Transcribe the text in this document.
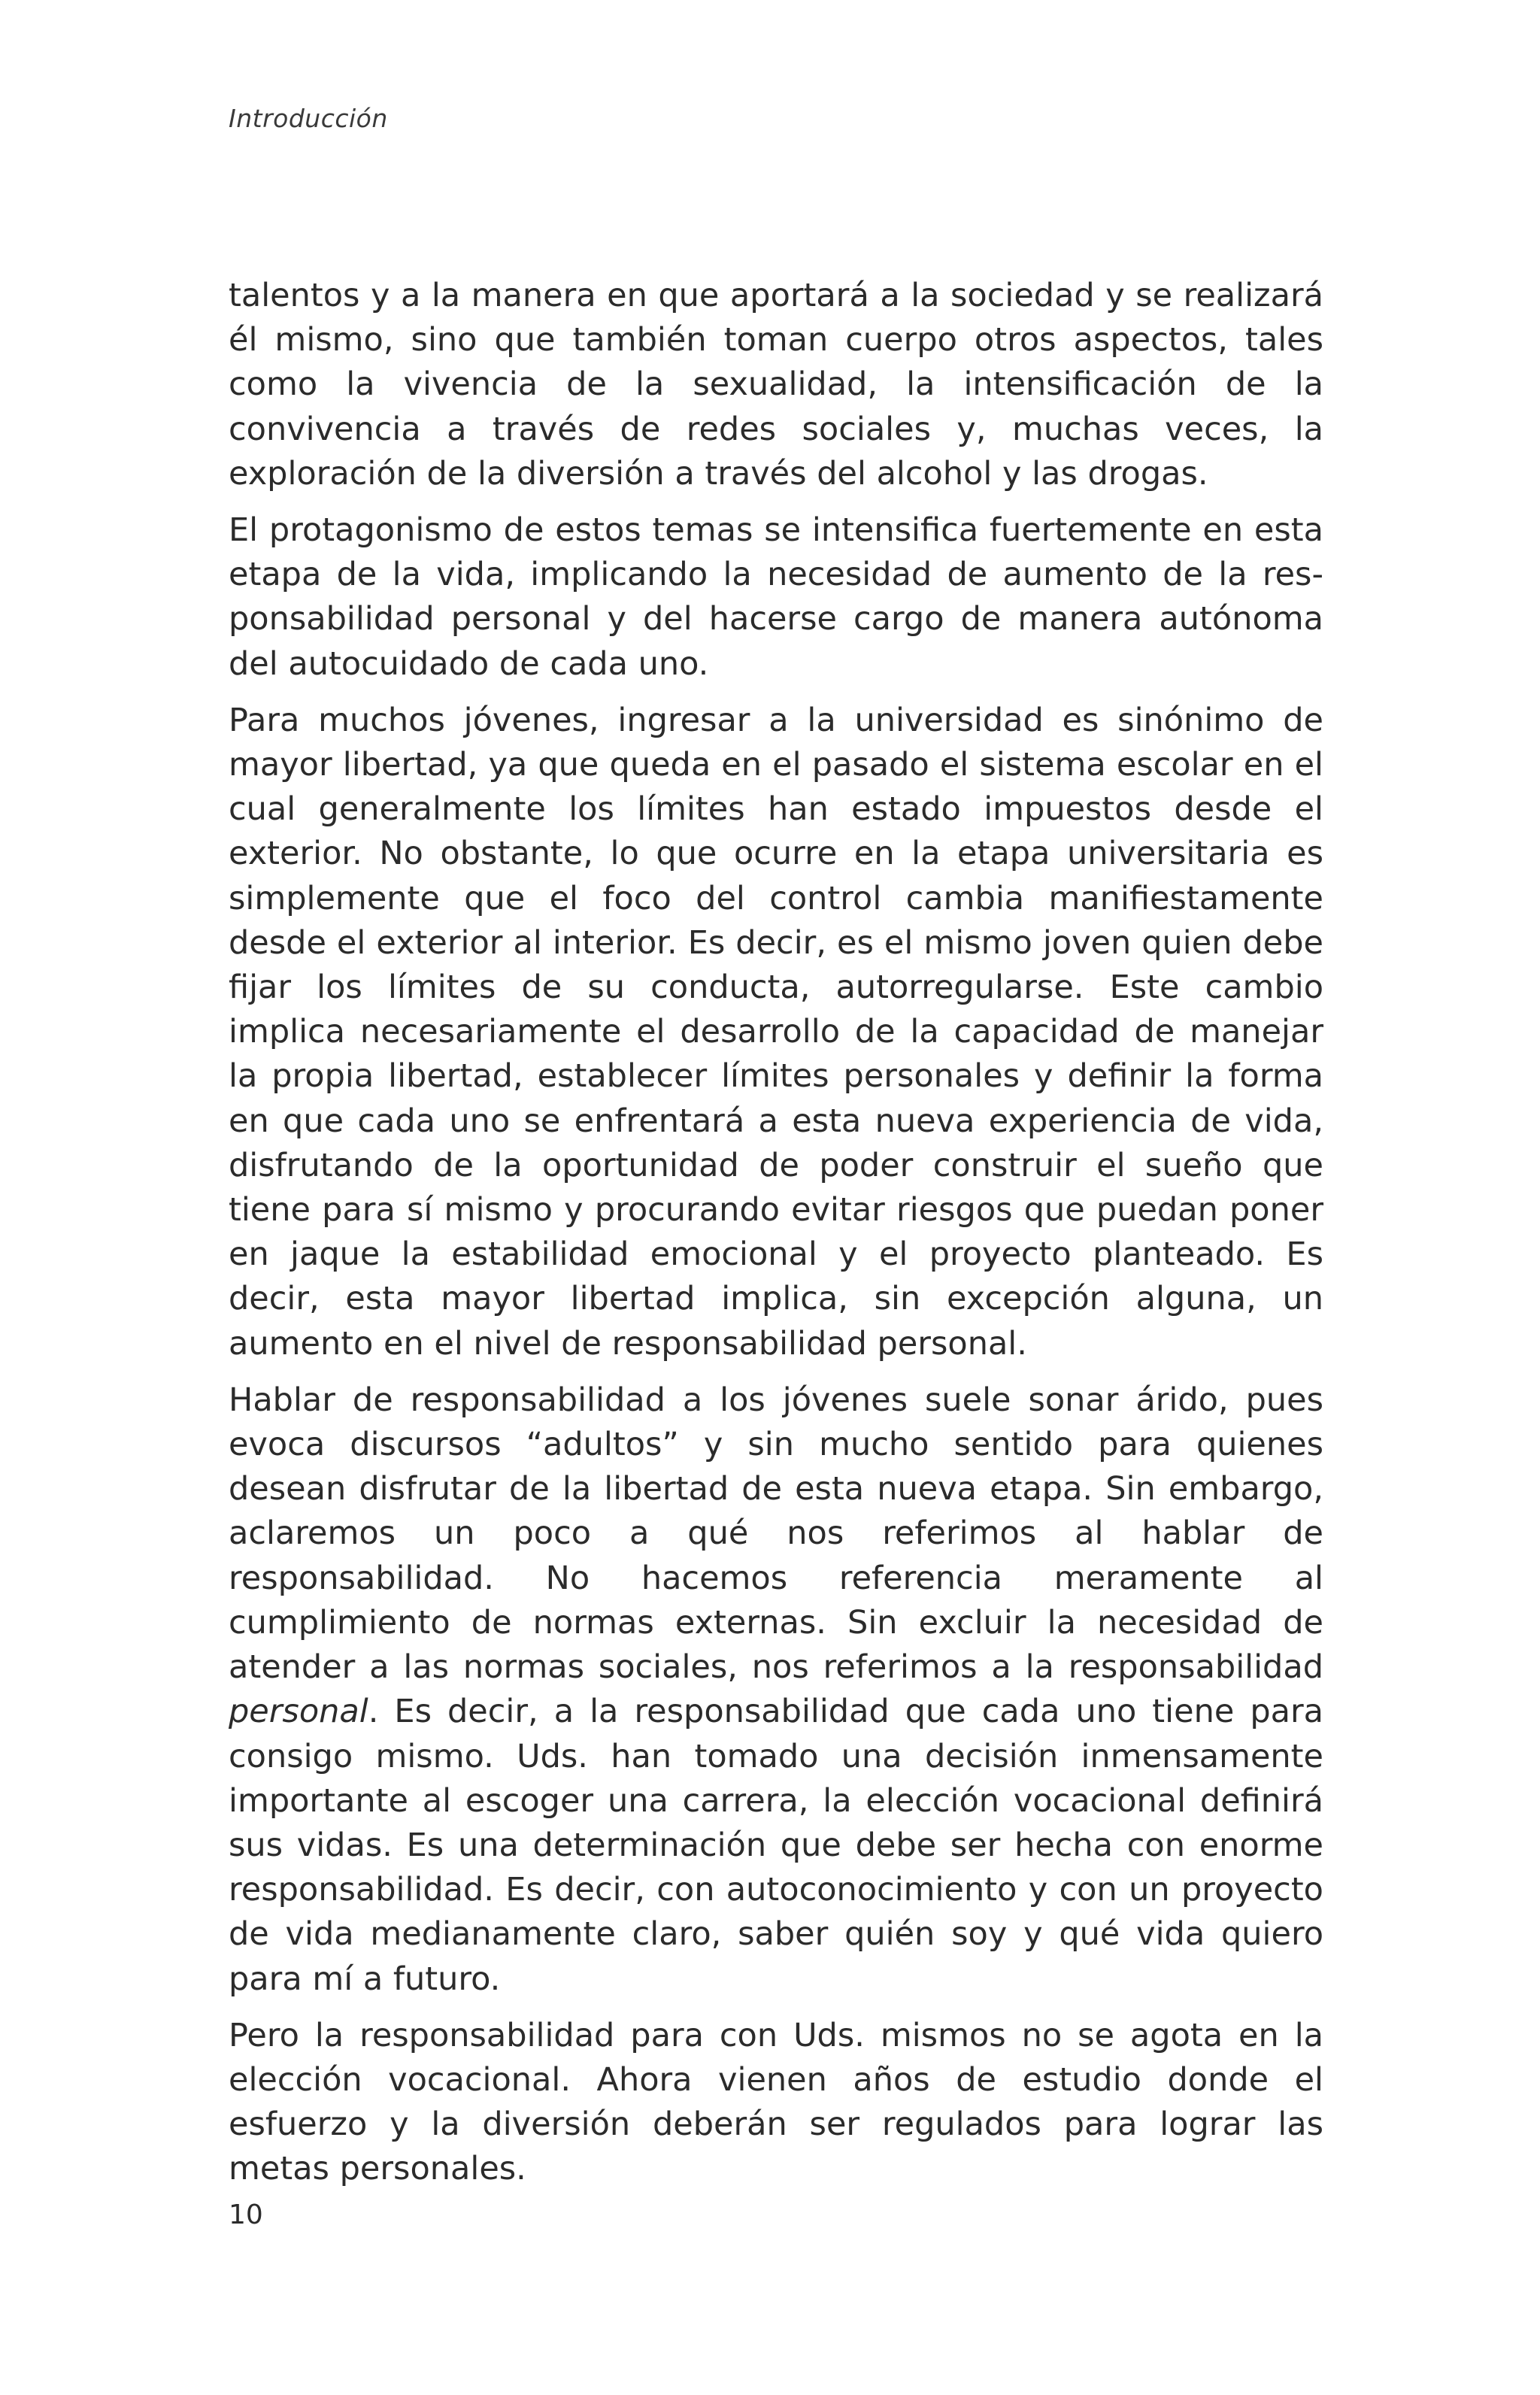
Introducción

talentos y a la manera en que aportará a la sociedad y se realizará él mismo, sino que también toman cuerpo otros aspectos, tales como la vivencia de la sexualidad, la intensificación de la convivencia a través de redes sociales y, muchas veces, la exploración de la diversión a través del alcohol y las drogas.

El protagonismo de estos temas se intensifica fuertemente en esta etapa de la vida, implicando la necesidad de aumento de la responsabilidad personal y del hacerse cargo de manera autónoma del autocuidado de cada uno.

Para muchos jóvenes, ingresar a la universidad es sinónimo de mayor libertad, ya que queda en el pasado el sistema escolar en el cual generalmente los límites han estado impuestos desde el exterior. No obstante, lo que ocurre en la etapa universitaria es simplemente que el foco del control cambia manifiestamente desde el exterior al interior. Es decir, es el mismo joven quien debe fijar los límites de su conducta, autorregularse. Este cambio implica necesariamente el desarrollo de la capacidad de manejar la propia libertad, establecer límites personales y definir la forma en que cada uno se enfrentará a esta nueva experiencia de vida, disfrutando de la oportunidad de poder construir el sueño que tiene para sí mismo y procurando evitar riesgos que puedan poner en jaque la estabilidad emocional y el proyecto planteado. Es decir, esta mayor libertad implica, sin excepción alguna, un aumento en el nivel de responsabilidad personal.

Hablar de responsabilidad a los jóvenes suele sonar árido, pues evoca discursos “adultos” y sin mucho sentido para quienes desean disfrutar de la libertad de esta nueva etapa. Sin embargo, aclaremos un poco a qué nos referimos al hablar de responsabilidad. No hacemos referencia meramente al cumplimiento de normas externas. Sin excluir la necesidad de atender a las normas sociales, nos referimos a la responsabilidad personal. Es decir, a la responsabilidad que cada uno tiene para consigo mismo. Uds. han tomado una decisión inmensamente importante al escoger una carrera, la elección vocacional definirá sus vidas. Es una determinación que debe ser hecha con enorme responsabilidad. Es decir, con autoconocimiento y con un proyecto de vida medianamente claro, saber quién soy y qué vida quiero para mí a futuro.

Pero la responsabilidad para con Uds. mismos no se agota en la elección vocacional. Ahora vienen años de estudio donde el esfuerzo y la diversión deberán ser regulados para lograr las metas personales.

10
